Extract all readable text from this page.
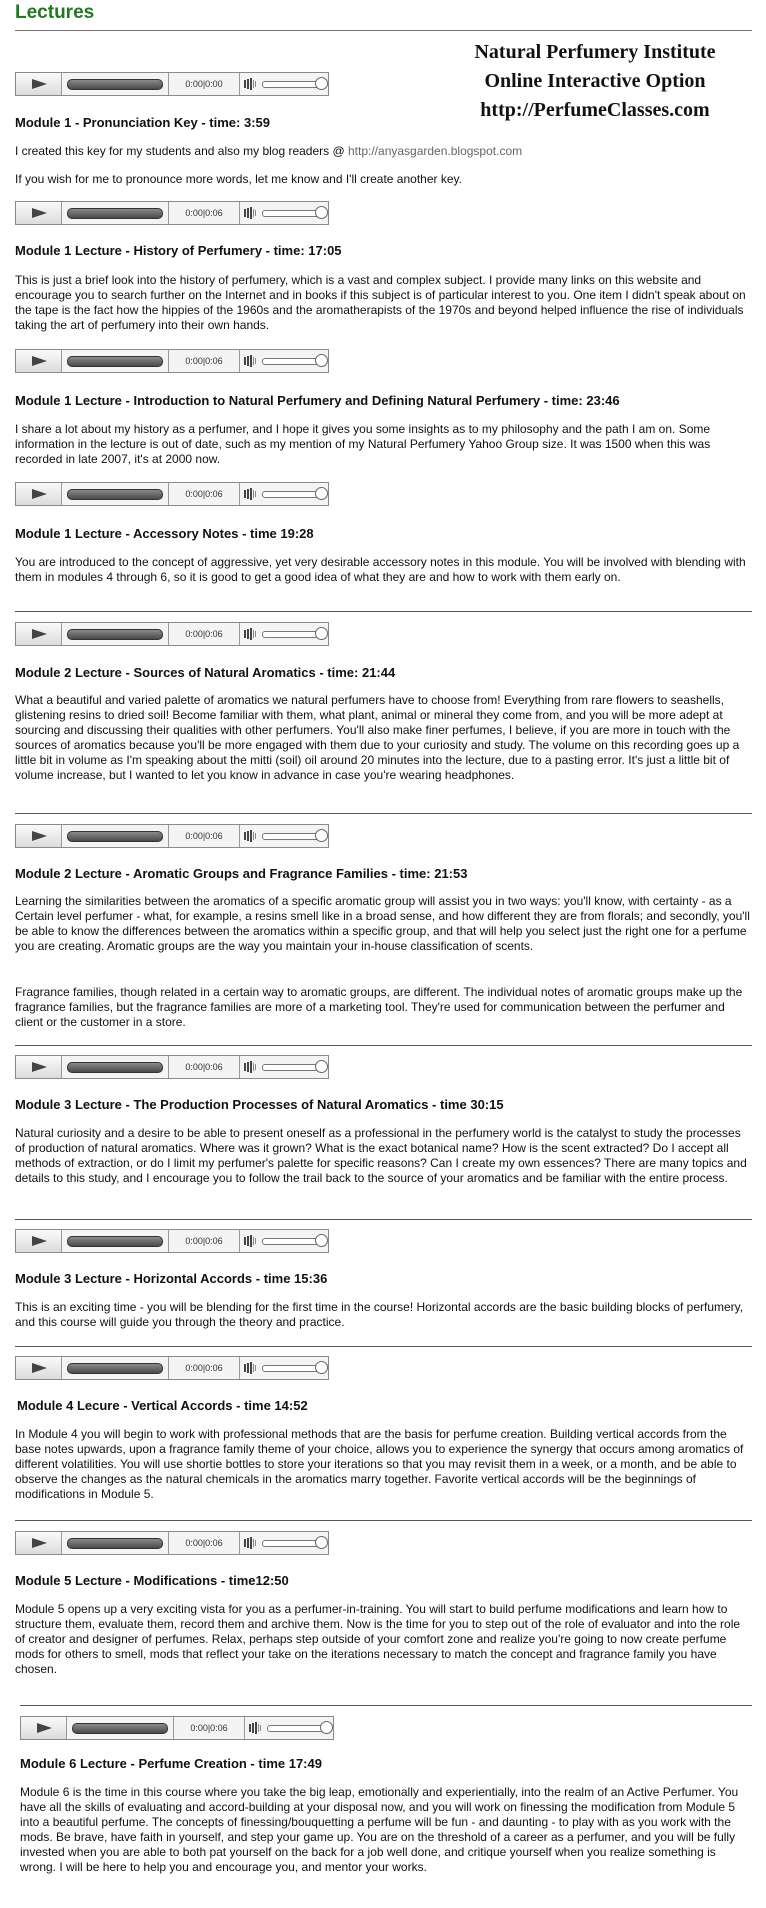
Lectures
Natural Perfumery Institute
Online Interactive Option
http://PerfumeClasses.com
0:00|0:00
0:00|0:06
0:00|0:06
0:00|0:06
0:00|0:06
0:00|0:06
0:00|0:06
0:00|0:06
0:00|0:06
0:00|0:06
0:00|0:06
Module 1 - Pronunciation Key - time: 3:59
I created this key for my students and also my blog readers @ http://anyasgarden.blogspot.com
If you wish for me to pronounce more words, let me know and I'll create another key.
Module 1 Lecture - History of Perfumery - time: 17:05
This is just a brief look into the history of perfumery, which is a vast and complex subject. I provide many links on this website and encourage you to search further on the Internet and in books if this subject is of particular interest to you. One item I didn't speak about on the tape is the fact how the hippies of the 1960s and the aromatherapists of the 1970s and beyond helped influence the rise of individuals taking the art of perfumery into their own hands.
Module 1 Lecture - Introduction to Natural Perfumery and Defining Natural Perfumery - time: 23:46
I share a lot about my history as a perfumer, and I hope it gives you some insights as to my philosophy and the path I am on. Some information in the lecture is out of date, such as my mention of my Natural Perfumery Yahoo Group size. It was 1500 when this was recorded in late 2007, it's at 2000 now.
Module 1 Lecture - Accessory Notes - time 19:28
You are introduced to the concept of aggressive, yet very desirable accessory notes in this module. You will be involved with blending with them in modules 4 through 6, so it is good to get a good idea of what they are and how to work with them early on.
Module 2 Lecture - Sources of Natural Aromatics - time: 21:44
What a beautiful and varied palette of aromatics we natural perfumers have to choose from! Everything from rare flowers to seashells, glistening resins to dried soil! Become familiar with them, what plant, animal or mineral they come from, and you will be more adept at sourcing and discussing their qualities with other perfumers. You'll also make finer perfumes, I believe, if you are more in touch with the sources of aromatics because you'll be more engaged with them due to your curiosity and study. The volume on this recording goes up a little bit in volume as I'm speaking about the mitti (soil) oil around 20 minutes into the lecture, due to a pasting error. It's just a little bit of volume increase, but I wanted to let you know in advance in case you're wearing headphones.
Module 2 Lecture - Aromatic Groups and Fragrance Families - time: 21:53
Learning the similarities between the aromatics of a specific aromatic group will assist you in two ways: you'll know, with certainty - as a Certain level perfumer - what, for example, a resins smell like in a broad sense, and how different they are from florals; and secondly, you'll be able to know the differences between the aromatics within a specific group, and that will help you select just the right one for a perfume you are creating. Aromatic groups are the way you maintain your in-house classification of scents.
Fragrance families, though related in a certain way to aromatic groups, are different. The individual notes of aromatic groups make up the fragrance families, but the fragrance families are more of a marketing tool. They're used for communication between the perfumer and client or the customer in a store.
Module 3 Lecture - The Production Processes of Natural Aromatics - time 30:15
Natural curiosity and a desire to be able to present oneself as a professional in the perfumery world is the catalyst to study the processes of production of natural aromatics. Where was it grown? What is the exact botanical name? How is the scent extracted? Do I accept all methods of extraction, or do I limit my perfumer's palette for specific reasons? Can I create my own essences? There are many topics and details to this study, and I encourage you to follow the trail back to the source of your aromatics and be familiar with the entire process.
Module 3 Lecture - Horizontal Accords - time 15:36
This is an exciting time - you will be blending for the first time in the course! Horizontal accords are the basic building blocks of perfumery, and this course will guide you through the theory and practice.
Module 4 Lecure - Vertical Accords - time 14:52
In Module 4 you will begin to work with professional methods that are the basis for perfume creation. Building vertical accords from the base notes upwards, upon a fragrance family theme of your choice, allows you to experience the synergy that occurs among aromatics of different volatilities. You will use shortie bottles to store your iterations so that you may revisit them in a week, or a month, and be able to observe the changes as the natural chemicals in the aromatics marry together. Favorite vertical accords will be the beginnings of modifications in Module 5.
Module 5 Lecture - Modifications - time12:50
Module 5 opens up a very exciting vista for you as a perfumer-in-training. You will start to build perfume modifications and learn how to structure them, evaluate them, record them and archive them. Now is the time for you to step out of the role of evaluator and into the role of creator and designer of perfumes. Relax, perhaps step outside of your comfort zone and realize you're going to now create perfume mods for others to smell, mods that reflect your take on the iterations necessary to match the concept and fragrance family you have chosen.
Module 6 Lecture - Perfume Creation - time 17:49
Module 6 is the time in this course where you take the big leap, emotionally and experientially, into the realm of an Active Perfumer. You have all the skills of evaluating and accord-building at your disposal now, and you will work on finessing the modification from Module 5 into a beautiful perfume. The concepts of finessing/bouquetting a perfume will be fun - and daunting - to play with as you work with the mods. Be brave, have faith in yourself, and step your game up. You are on the threshold of a career as a perfumer, and you will be fully invested when you are able to both pat yourself on the back for a job well done, and critique yourself when you realize something is wrong. I will be here to help you and encourage you, and mentor your works.
